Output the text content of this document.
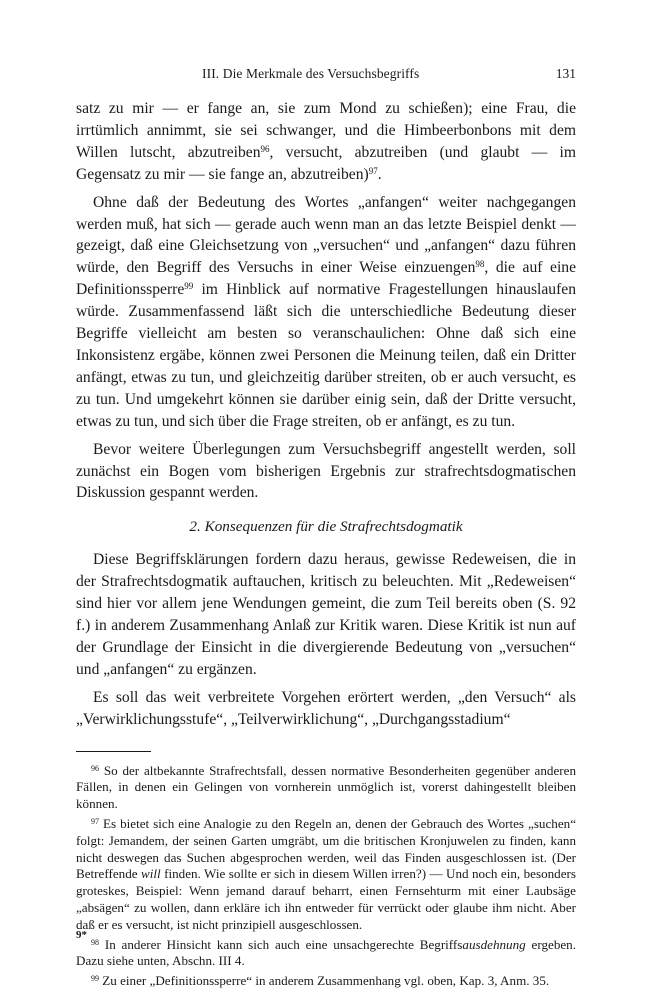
III. Die Merkmale des Versuchsbegriffs	131

satz zu mir — er fange an, sie zum Mond zu schießen); eine Frau, die irrtümlich annimmt, sie sei schwanger, und die Himbeerbonbons mit dem Willen lutscht, abzutreiben$^{96}$, versucht, abzutreiben (und glaubt — im Gegensatz zu mir — sie fange an, abzutreiben)$^{97}$.

Ohne daß der Bedeutung des Wortes „anfangen“ weiter nachgegangen werden muß, hat sich — gerade auch wenn man an das letzte Beispiel denkt — gezeigt, daß eine Gleichsetzung von „versuchen“ und „anfangen“ dazu führen würde, den Begriff des Versuchs in einer Weise einzuengen$^{98}$, die auf eine Definitionssperre$^{99}$ im Hinblick auf normative Fragestellungen hinauslaufen würde. Zusammenfassend läßt sich die unterschiedliche Bedeutung dieser Begriffe vielleicht am besten so veranschaulichen: Ohne daß sich eine Inkonsistenz ergäbe, können zwei Personen die Meinung teilen, daß ein Dritter anfängt, etwas zu tun, und gleichzeitig darüber streiten, ob er auch versucht, es zu tun. Und umgekehrt können sie darüber einig sein, daß der Dritte versucht, etwas zu tun, und sich über die Frage streiten, ob er anfängt, es zu tun.

Bevor weitere Überlegungen zum Versuchsbegriff angestellt werden, soll zunächst ein Bogen vom bisherigen Ergebnis zur strafrechtsdogmatischen Diskussion gespannt werden.

2. Konsequenzen für die Strafrechtsdogmatik

Diese Begriffsklärungen fordern dazu heraus, gewisse Redeweisen, die in der Strafrechtsdogmatik auftauchen, kritisch zu beleuchten. Mit „Redeweisen“ sind hier vor allem jene Wendungen gemeint, die zum Teil bereits oben (S. 92 f.) in anderem Zusammenhang Anlaß zur Kritik waren. Diese Kritik ist nun auf der Grundlage der Einsicht in die divergierende Bedeutung von „versuchen“ und „anfangen“ zu ergänzen.

Es soll das weit verbreitete Vorgehen erörtert werden, „den Versuch“ als „Verwirklichungsstufe“, „Teilverwirklichung“, „Durchgangsstadium“

$^{96}$ So der altbekannte Strafrechtsfall, dessen normative Besonderheiten gegenüber anderen Fällen, in denen ein Gelingen von vornherein unmöglich ist, vorerst dahingestellt bleiben können.
$^{97}$ Es bietet sich eine Analogie zu den Regeln an, denen der Gebrauch des Wortes „suchen“ folgt: Jemandem, der seinen Garten umgräbt, um die britischen Kronjuwelen zu finden, kann nicht deswegen das Suchen abgesprochen werden, weil das Finden ausgeschlossen ist. (Der Betreffende will finden. Wie sollte er sich in diesem Willen irren?) — Und noch ein, besonders groteskes, Beispiel: Wenn jemand darauf beharrt, einen Fernsehturm mit einer Laubsäge „absägen“ zu wollen, dann erkläre ich ihn entweder für verrückt oder glaube ihm nicht. Aber daß er es versucht, ist nicht prinzipiell ausgeschlossen.
$^{98}$ In anderer Hinsicht kann sich auch eine unsachgerechte Begriffsausdehnung ergeben. Dazu siehe unten, Abschn. III 4.
$^{99}$ Zu einer „Definitionssperre“ in anderem Zusammenhang vgl. oben, Kap. 3, Anm. 35.
9*
